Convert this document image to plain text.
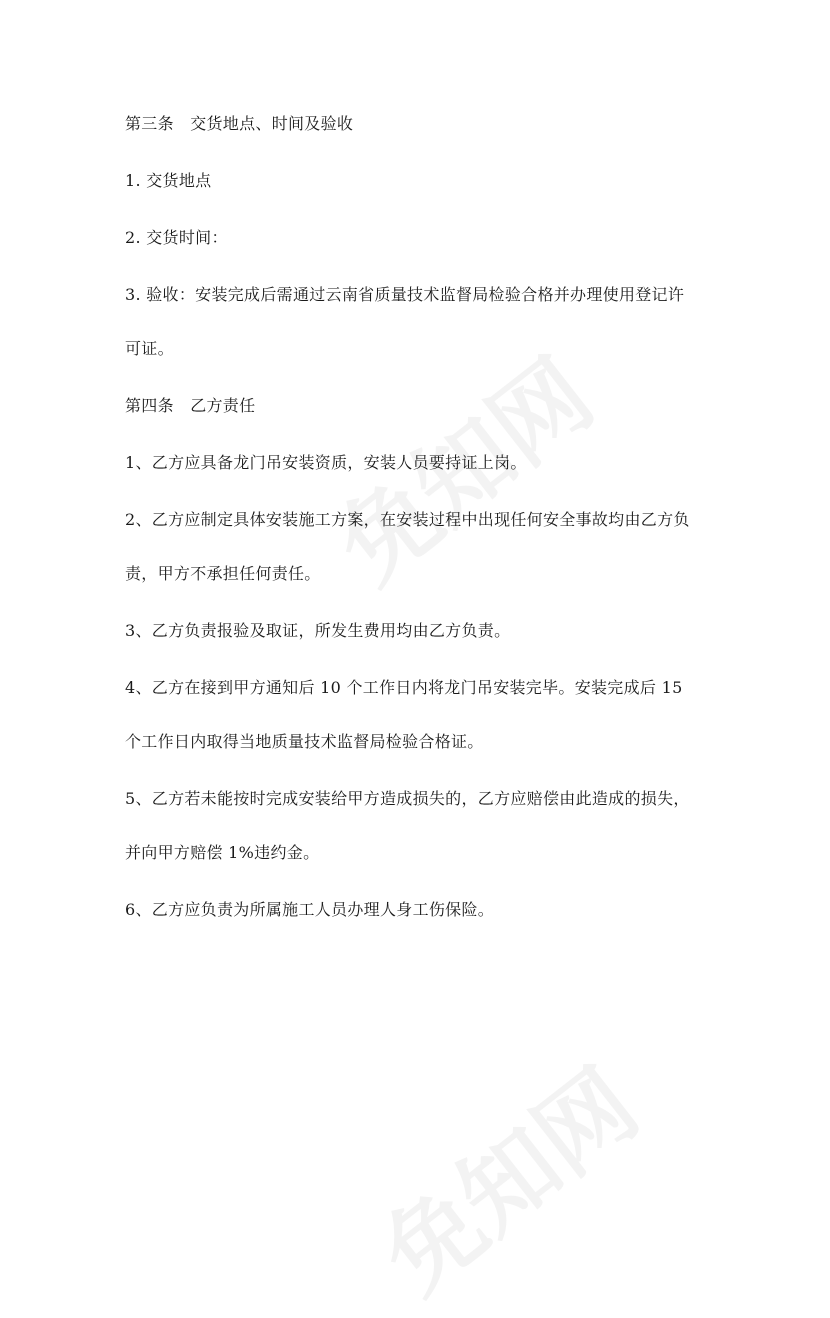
第三条　交货地点、时间及验收

1. 交货地点

2. 交货时间：

3. 验收：安装完成后需通过云南省质量技术监督局检验合格并办理使用登记许
可证。

第四条　乙方责任

1、乙方应具备龙门吊安装资质，安装人员要持证上岗。

2、乙方应制定具体安装施工方案，在安装过程中出现任何安全事故均由乙方负
责，甲方不承担任何责任。

3、乙方负责报验及取证，所发生费用均由乙方负责。

4、乙方在接到甲方通知后 10 个工作日内将龙门吊安装完毕。安装完成后 15
个工作日内取得当地质量技术监督局检验合格证。

5、乙方若未能按时完成安装给甲方造成损失的，乙方应赔偿由此造成的损失，
并向甲方赔偿 1%违约金。

6、乙方应负责为所属施工人员办理人身工伤保险。
